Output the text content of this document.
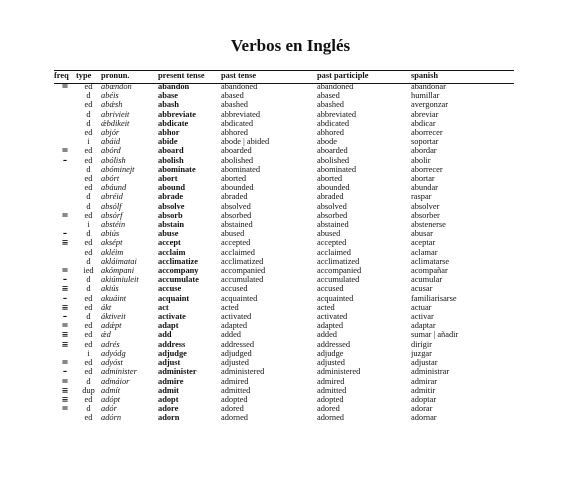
Verbos en Inglés
freq	type	pronun.	present tense	past tense	past participle	spanish
=	ed	abændon	abandon	abandoned	abandoned	abandonar
	d	abéis	abase	abased	abased	humillar
	ed	abǽsh	abash	abashed	abashed	avergonzar
	d	abrivieit	abbreviate	abbreviated	abbreviated	abreviar
	d	ǽbdikeit	abdicate	abdicated	abdicated	abdicar
	ed	abjór	abhor	abhored	abhored	aborrecer
	i	abáid	abide	abode | abided	abode	soportar
=	ed	abórd	aboard	aboarded	aboarded	abordar
–	ed	abólish	abolish	abolished	abolished	abolir
	d	abóminejt	abominate	abominated	abominated	aborrecer
	ed	abórt	abort	aborted	aborted	abortar
	ed	abáund	abound	abounded	abounded	abundar
	d	abréid	abrade	abraded	abraded	raspar
	d	absólf	absolve	absolved	absolved	absolver
=	ed	absórf	absorb	absorbed	absorbed	absorber
	i	abstéin	abstain	abstained	abstained	abstenerse
–	d	abiús	abuse	abused	abused	abusar
≡	ed	aksépt	accept	accepted	accepted	aceptar
	ed	akléim	acclaim	acclaimed	acclaimed	aclamar
	d	akláimatai	acclimatize	acclimatized	acclimatized	aclimatarse
=	ied	akómpani	accompany	accompanied	accompanied	acompañar
–	d	akiúmiuleit	accumulate	accumulated	accumulated	acumular
≡	d	akiús	accuse	accused	accused	acusar
–	ed	akuáint	acquaint	acquainted	acquainted	familiarisarse
≡	ed	ákt	act	acted	acted	actuar
–	d	áktiveit	activate	activated	activated	activar
=	ed	adǽpt	adapt	adapted	adapted	adaptar
≡	ed	ǽd	add	added	added	sumar | añadir
≡	ed	adrés	address	addressed	addressed	dirigir
	i	adyódg	adjudge	adjudged	adjudge	juzgar
=	ed	adyóst	adjust	adjusted	adjusted	adjustar
–	ed	administer	administer	administered	administered	administrar
=	d	admáior	admire	admired	admired	admirar
≡	dup	admít	admit	admitted	admitted	admitir
≡	ed	adópt	adopt	adopted	adopted	adoptar
=	d	adór	adore	adored	adored	adorar
	ed	adórn	adorn	adorned	adorned	adornar
